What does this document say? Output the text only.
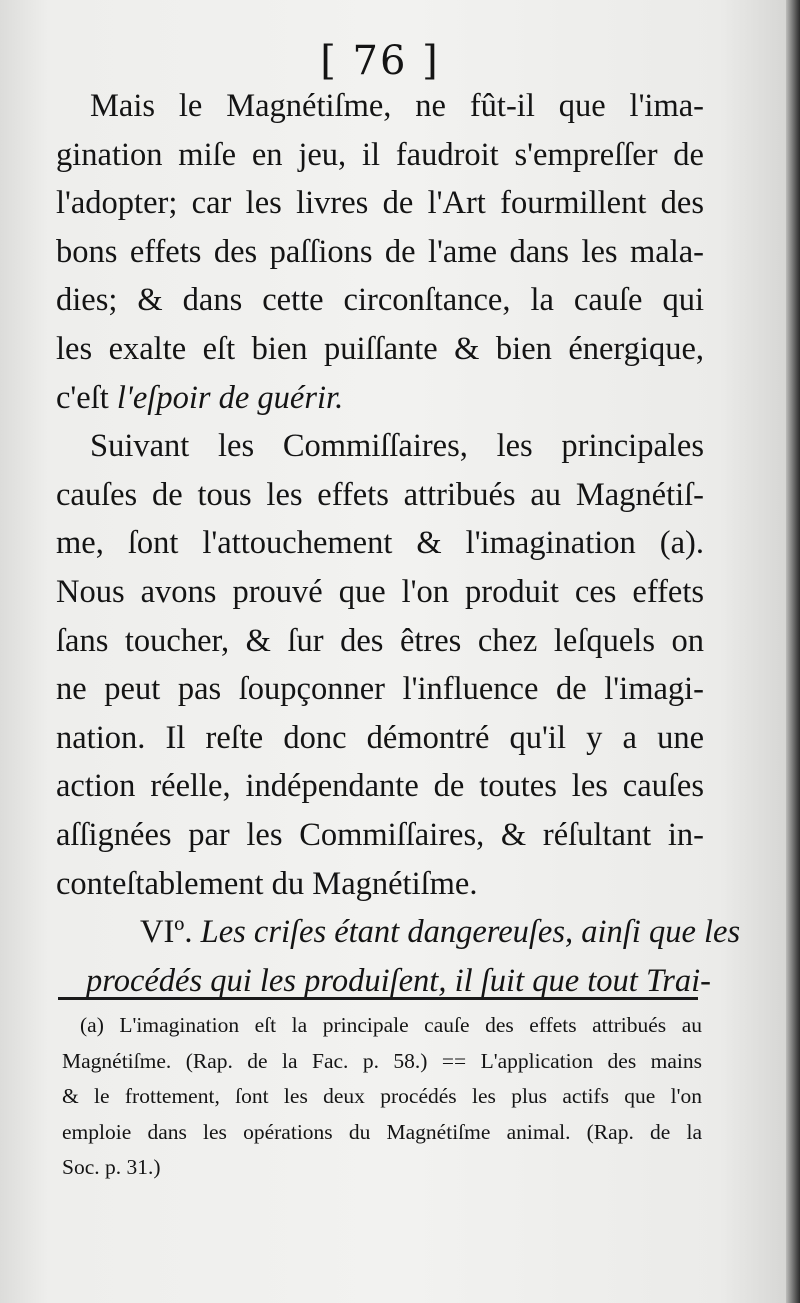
[ 76 ]

Mais le Magnétiſme, ne fût-il que l'ima-
gination miſe en jeu, il faudroit s'empreſſer de
l'adopter; car les livres de l'Art fourmillent des
bons effets des paſſions de l'ame dans les mala-
dies; & dans cette circonſtance, la cauſe qui
les exalte eſt bien puiſſante & bien énergique,
c'eſt l'eſpoir de guérir.

Suivant les Commiſſaires, les principales
cauſes de tous les effets attribués au Magnétiſ-
me, ſont l'attouchement & l'imagination (a).
Nous avons prouvé que l'on produit ces effets
ſans toucher, & ſur des êtres chez leſquels on
ne peut pas ſoupçonner l'influence de l'imagi-
nation. Il reſte donc démontré qu'il y a une
action réelle, indépendante de toutes les cauſes
aſſignées par les Commiſſaires, & réſultant in-
conteſtablement du Magnétiſme.

VIº. Les criſes étant dangereuſes, ainſi que les
procédés qui les produiſent, il ſuit que tout Trai-

(a) L'imagination eſt la principale cauſe des effets attribués au
Magnétiſme. (Rap. de la Fac. p. 58.) == L'application des mains
& le frottement, ſont les deux procédés les plus actifs que l'on
emploie dans les opérations du Magnétiſme animal. (Rap. de la
Soc. p. 31.)
